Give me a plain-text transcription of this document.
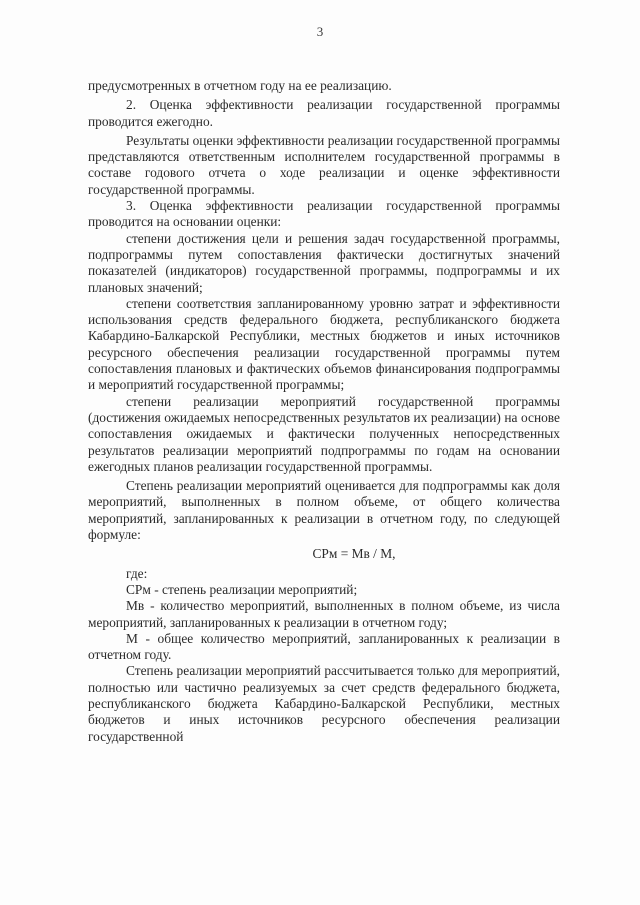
3

предусмотренных в отчетном году на ее реализацию.

2. Оценка эффективности реализации государственной программы проводится ежегодно.

Результаты оценки эффективности реализации государственной программы представляются ответственным исполнителем государственной программы в составе годового отчета о ходе реализации и оценке эффективности государственной программы.

3. Оценка эффективности реализации государственной программы проводится на основании оценки:

степени достижения цели и решения задач государственной программы, подпрограммы путем сопоставления фактически достигнутых значений показателей (индикаторов) государственной программы, подпрограммы и их плановых значений;

степени соответствия запланированному уровню затрат и эффективности использования средств федерального бюджета, республиканского бюджета Кабардино-Балкарской Республики, местных бюджетов и иных источников ресурсного обеспечения реализации государственной программы путем сопоставления плановых и фактических объемов финансирования подпрограммы и мероприятий государственной программы;

степени реализации мероприятий государственной программы (достижения ожидаемых непосредственных результатов их реализации) на основе сопоставления ожидаемых и фактически полученных непосредственных результатов реализации мероприятий подпрограммы по годам на основании ежегодных планов реализации государственной программы.

Степень реализации мероприятий оценивается для подпрограммы как доля мероприятий, выполненных в полном объеме, от общего количества мероприятий, запланированных к реализации в отчетном году, по следующей формуле:

СРм = Мв / М,

где:

СРм - степень реализации мероприятий;

Мв - количество мероприятий, выполненных в полном объеме, из числа мероприятий, запланированных к реализации в отчетном году;

М - общее количество мероприятий, запланированных к реализации в отчетном году.

Степень реализации мероприятий рассчитывается только для мероприятий, полностью или частично реализуемых за счет средств федерального бюджета, республиканского бюджета Кабардино-Балкарской Республики, местных бюджетов и иных источников ресурсного обеспечения реализации государственной
